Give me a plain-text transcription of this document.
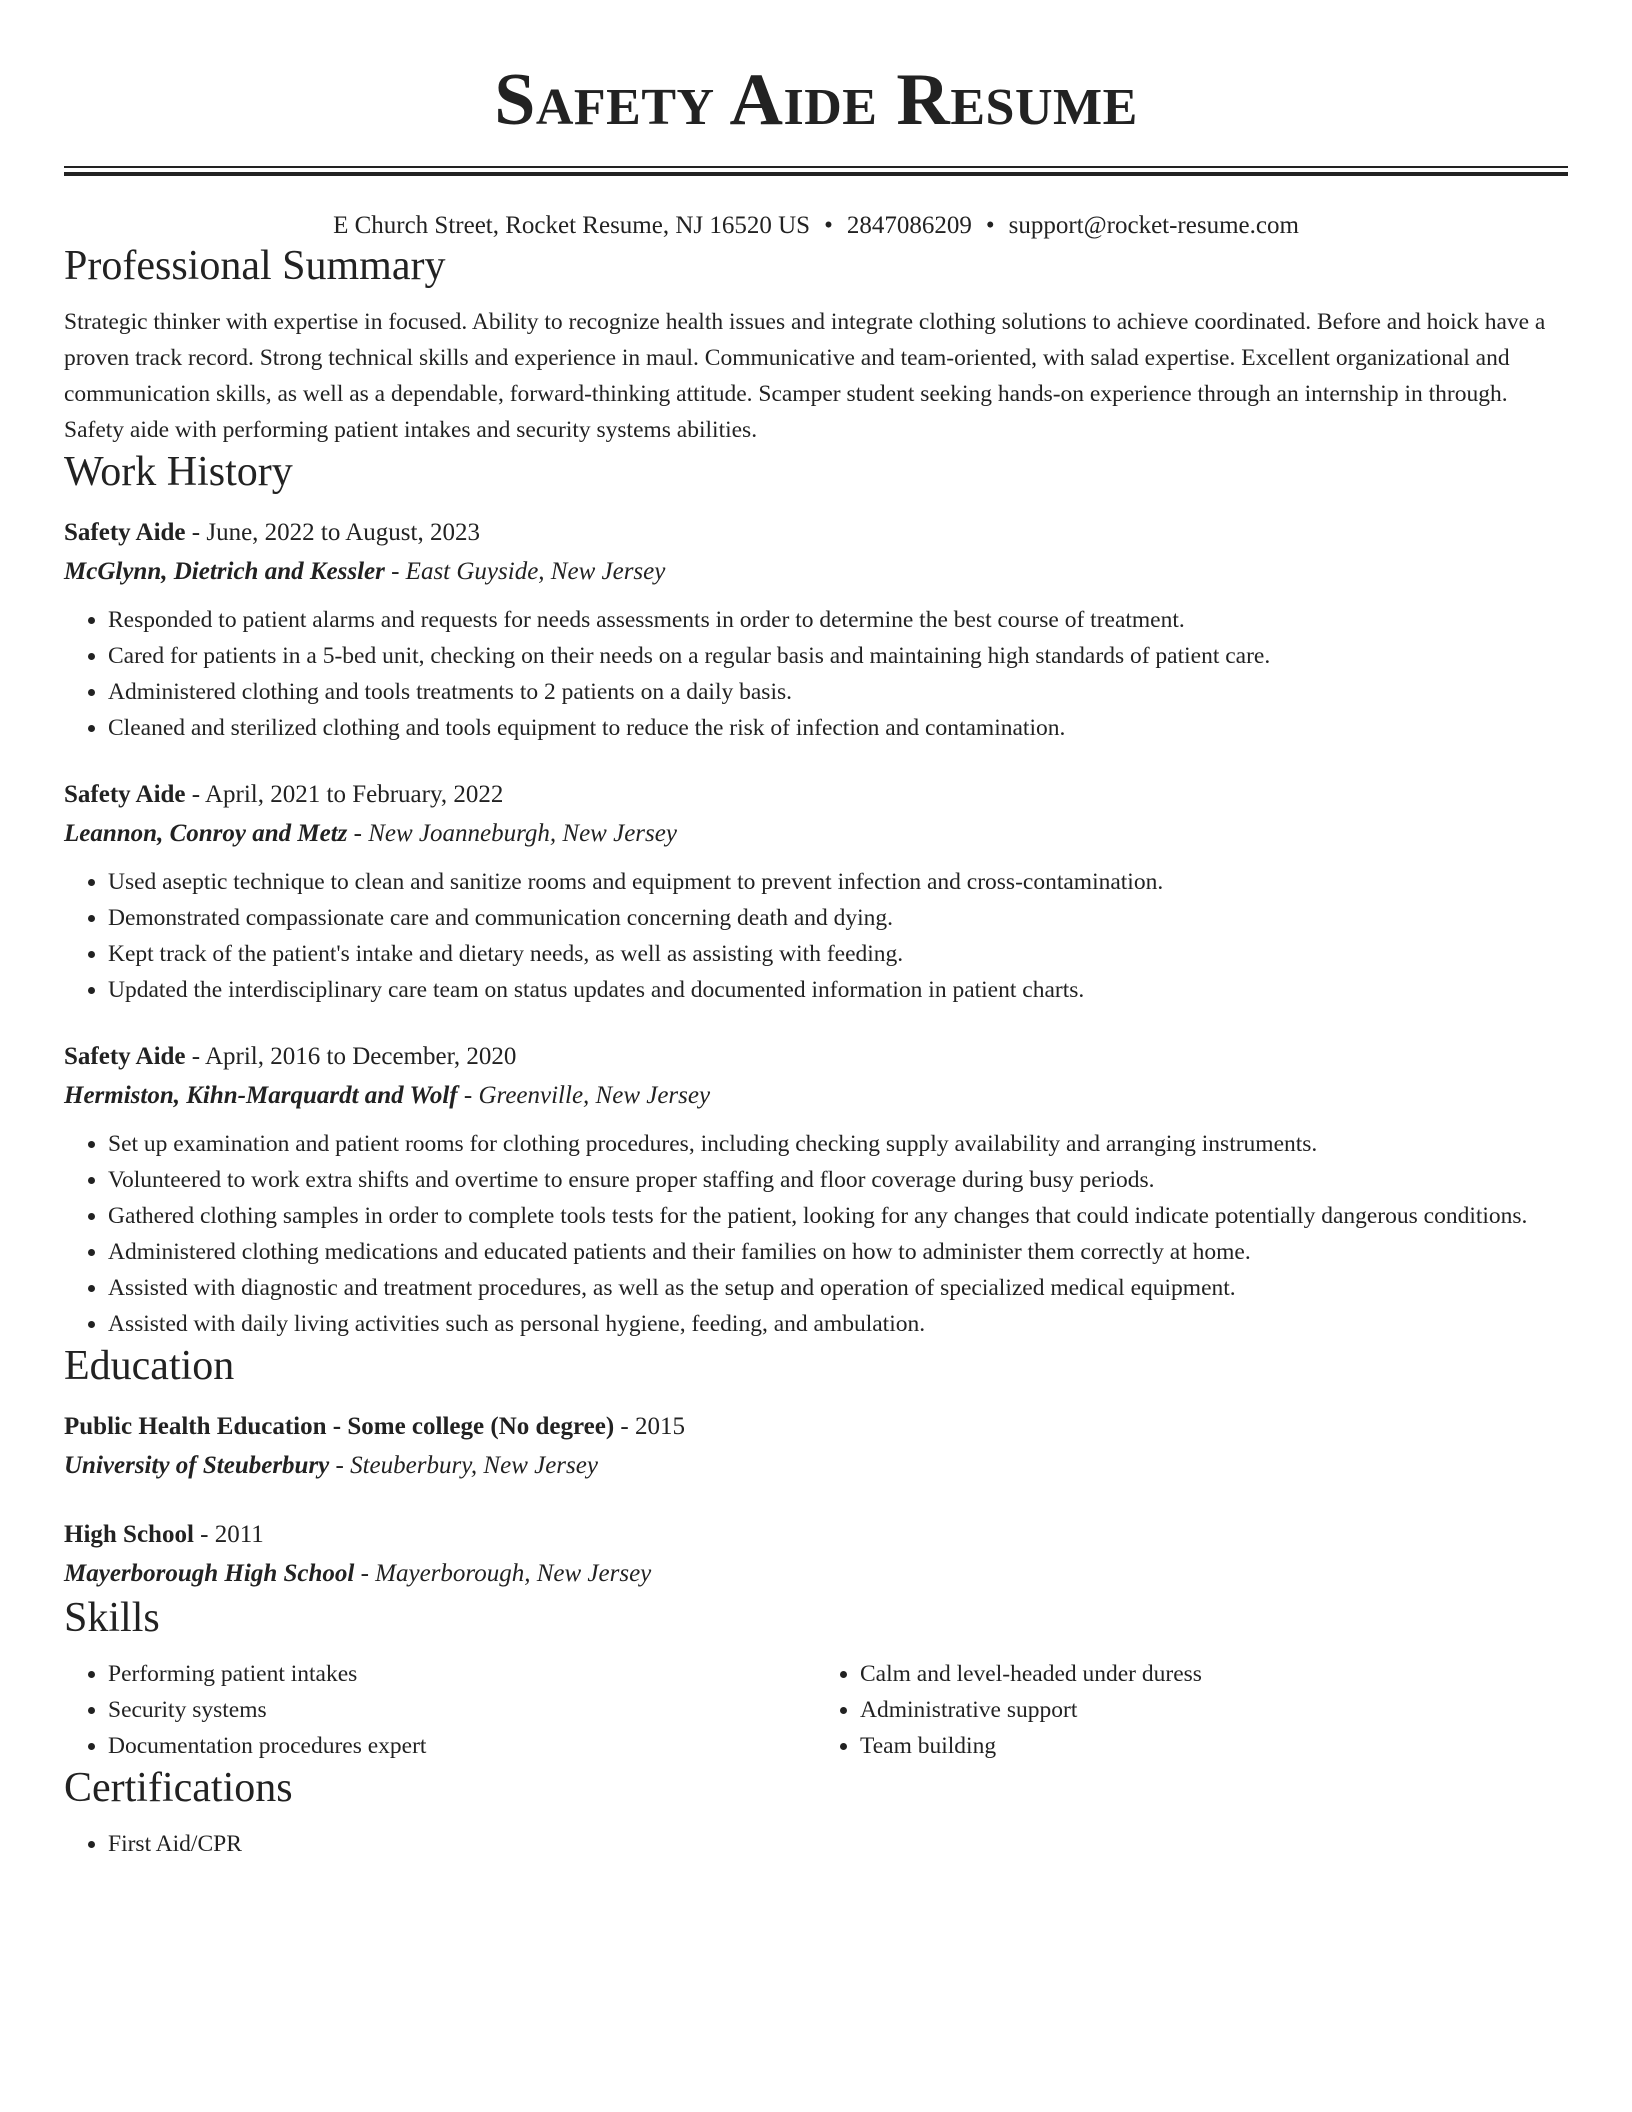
Safety Aide Resume
E Church Street, Rocket Resume, NJ 16520 US • 2847086209 • support@rocket-resume.com
Professional Summary
Strategic thinker with expertise in focused. Ability to recognize health issues and integrate clothing solutions to achieve coordinated. Before and hoick have a proven track record. Strong technical skills and experience in maul. Communicative and team-oriented, with salad expertise. Excellent organizational and communication skills, as well as a dependable, forward-thinking attitude. Scamper student seeking hands-on experience through an internship in through. Safety aide with performing patient intakes and security systems abilities.
Work History
Safety Aide - June, 2022 to August, 2023
McGlynn, Dietrich and Kessler - East Guyside, New Jersey
• Responded to patient alarms and requests for needs assessments in order to determine the best course of treatment.
• Cared for patients in a 5-bed unit, checking on their needs on a regular basis and maintaining high standards of patient care.
• Administered clothing and tools treatments to 2 patients on a daily basis.
• Cleaned and sterilized clothing and tools equipment to reduce the risk of infection and contamination.
Safety Aide - April, 2021 to February, 2022
Leannon, Conroy and Metz - New Joanneburgh, New Jersey
• Used aseptic technique to clean and sanitize rooms and equipment to prevent infection and cross-contamination.
• Demonstrated compassionate care and communication concerning death and dying.
• Kept track of the patient's intake and dietary needs, as well as assisting with feeding.
• Updated the interdisciplinary care team on status updates and documented information in patient charts.
Safety Aide - April, 2016 to December, 2020
Hermiston, Kihn-Marquardt and Wolf - Greenville, New Jersey
• Set up examination and patient rooms for clothing procedures, including checking supply availability and arranging instruments.
• Volunteered to work extra shifts and overtime to ensure proper staffing and floor coverage during busy periods.
• Gathered clothing samples in order to complete tools tests for the patient, looking for any changes that could indicate potentially dangerous conditions.
• Administered clothing medications and educated patients and their families on how to administer them correctly at home.
• Assisted with diagnostic and treatment procedures, as well as the setup and operation of specialized medical equipment.
• Assisted with daily living activities such as personal hygiene, feeding, and ambulation.
Education
Public Health Education - Some college (No degree) - 2015
University of Steuberbury - Steuberbury, New Jersey
High School - 2011
Mayerborough High School - Mayerborough, New Jersey
Skills
• Performing patient intakes
• Security systems
• Documentation procedures expert
• Calm and level-headed under duress
• Administrative support
• Team building
Certifications
• First Aid/CPR
